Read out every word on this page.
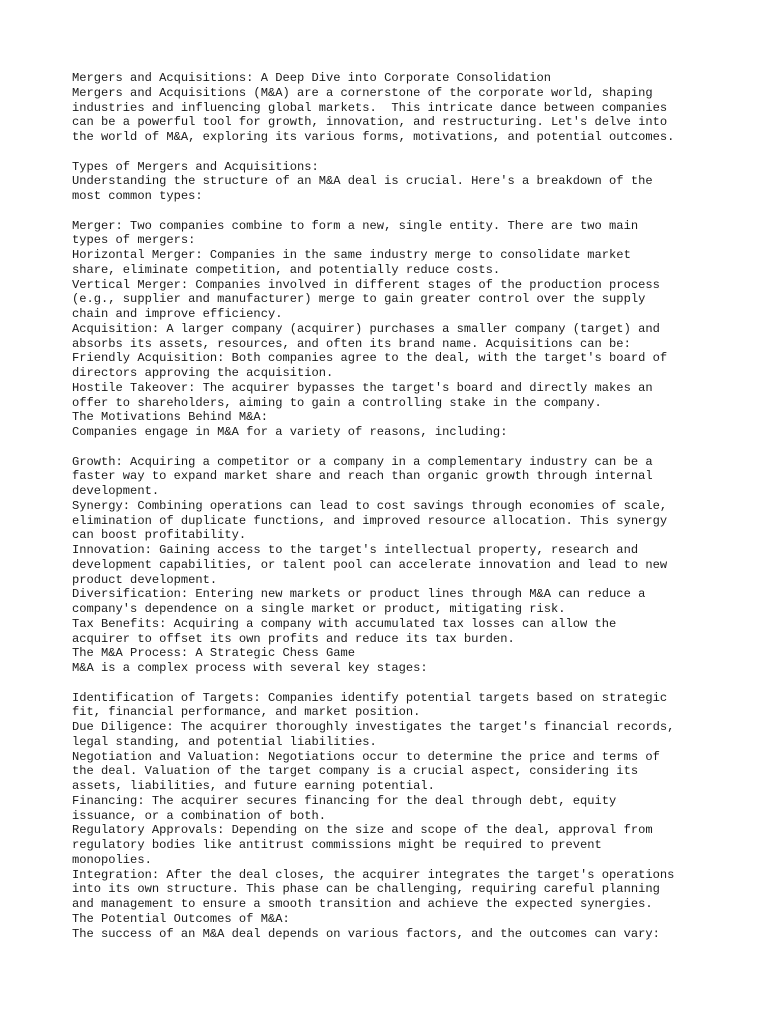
Mergers and Acquisitions: A Deep Dive into Corporate Consolidation
Mergers and Acquisitions (M&A) are a cornerstone of the corporate world, shaping
industries and influencing global markets.  This intricate dance between companies
can be a powerful tool for growth, innovation, and restructuring. Let's delve into
the world of M&A, exploring its various forms, motivations, and potential outcomes.
Types of Mergers and Acquisitions:
Understanding the structure of an M&A deal is crucial. Here's a breakdown of the
most common types:
Merger: Two companies combine to form a new, single entity. There are two main
types of mergers:
Horizontal Merger: Companies in the same industry merge to consolidate market
share, eliminate competition, and potentially reduce costs.
Vertical Merger: Companies involved in different stages of the production process
(e.g., supplier and manufacturer) merge to gain greater control over the supply
chain and improve efficiency.
Acquisition: A larger company (acquirer) purchases a smaller company (target) and
absorbs its assets, resources, and often its brand name. Acquisitions can be:
Friendly Acquisition: Both companies agree to the deal, with the target's board of
directors approving the acquisition.
Hostile Takeover: The acquirer bypasses the target's board and directly makes an
offer to shareholders, aiming to gain a controlling stake in the company.
The Motivations Behind M&A:
Companies engage in M&A for a variety of reasons, including:
Growth: Acquiring a competitor or a company in a complementary industry can be a
faster way to expand market share and reach than organic growth through internal
development.
Synergy: Combining operations can lead to cost savings through economies of scale,
elimination of duplicate functions, and improved resource allocation. This synergy
can boost profitability.
Innovation: Gaining access to the target's intellectual property, research and
development capabilities, or talent pool can accelerate innovation and lead to new
product development.
Diversification: Entering new markets or product lines through M&A can reduce a
company's dependence on a single market or product, mitigating risk.
Tax Benefits: Acquiring a company with accumulated tax losses can allow the
acquirer to offset its own profits and reduce its tax burden.
The M&A Process: A Strategic Chess Game
M&A is a complex process with several key stages:
Identification of Targets: Companies identify potential targets based on strategic
fit, financial performance, and market position.
Due Diligence: The acquirer thoroughly investigates the target's financial records,
legal standing, and potential liabilities.
Negotiation and Valuation: Negotiations occur to determine the price and terms of
the deal. Valuation of the target company is a crucial aspect, considering its
assets, liabilities, and future earning potential.
Financing: The acquirer secures financing for the deal through debt, equity
issuance, or a combination of both.
Regulatory Approvals: Depending on the size and scope of the deal, approval from
regulatory bodies like antitrust commissions might be required to prevent
monopolies.
Integration: After the deal closes, the acquirer integrates the target's operations
into its own structure. This phase can be challenging, requiring careful planning
and management to ensure a smooth transition and achieve the expected synergies.
The Potential Outcomes of M&A:
The success of an M&A deal depends on various factors, and the outcomes can vary:
